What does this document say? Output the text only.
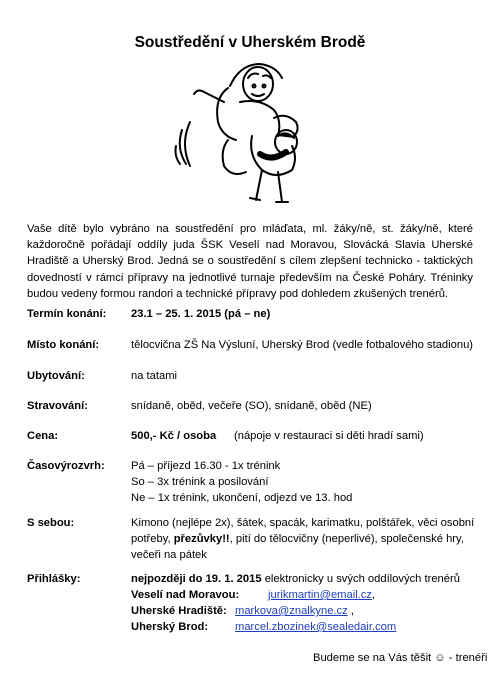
Soustředění v Uherském Brodě
Vaše dítě bylo vybráno na soustředění pro mláďata, ml. žáky/ně, st. žáky/ně, které každoročně pořádají oddíly juda ŠSK Veselí nad Moravou, Slovácká Slavia Uherské Hradiště a Uherský Brod. Jedná se o soustředění s cílem zlepšení technicko - taktických dovedností v rámci přípravy na jednotlivé turnaje především na České Poháry. Tréninky budou vedeny formou randori a technické přípravy pod dohledem zkušených trenérů.
Termín konání: 23.1 – 25. 1. 2015 (pá – ne)
Místo konání:	tělocvična ZŠ Na Výsluní, Uherský Brod (vedle fotbalového stadionu)
Ubytování:	na tatami
Stravování:	snídaně, oběd, večeře (SO), snídaně, oběd (NE)
Cena:	500,- Kč / osoba (nápoje v restauraci si děti hradí sami)
Časovýrozvrh: Pá – příjezd 16.30 - 1x trénink
So – 3x trénink a posilování
Ne – 1x trénink, ukončení, odjezd ve 13. hod
S sebou:	Kimono (nejlépe 2x), šátek, spacák, karimatku, polštářek, věci osobní
potřeby, přezůvky!!, pití do tělocvičny (neperlivé), společenské hry,
večeři na pátek
Přihlášky:	nejpozději do 19. 1. 2015 elektronicky u svých oddílových trenérů
Veselí nad Moravou:	jurikmartin@email.cz,
Uherské Hradiště: markova@znalkyne.cz ,
Uherský Brod: marcel.zbozinek@sealedair.com
Budeme se na Vás těšit ☺ - trenéři
